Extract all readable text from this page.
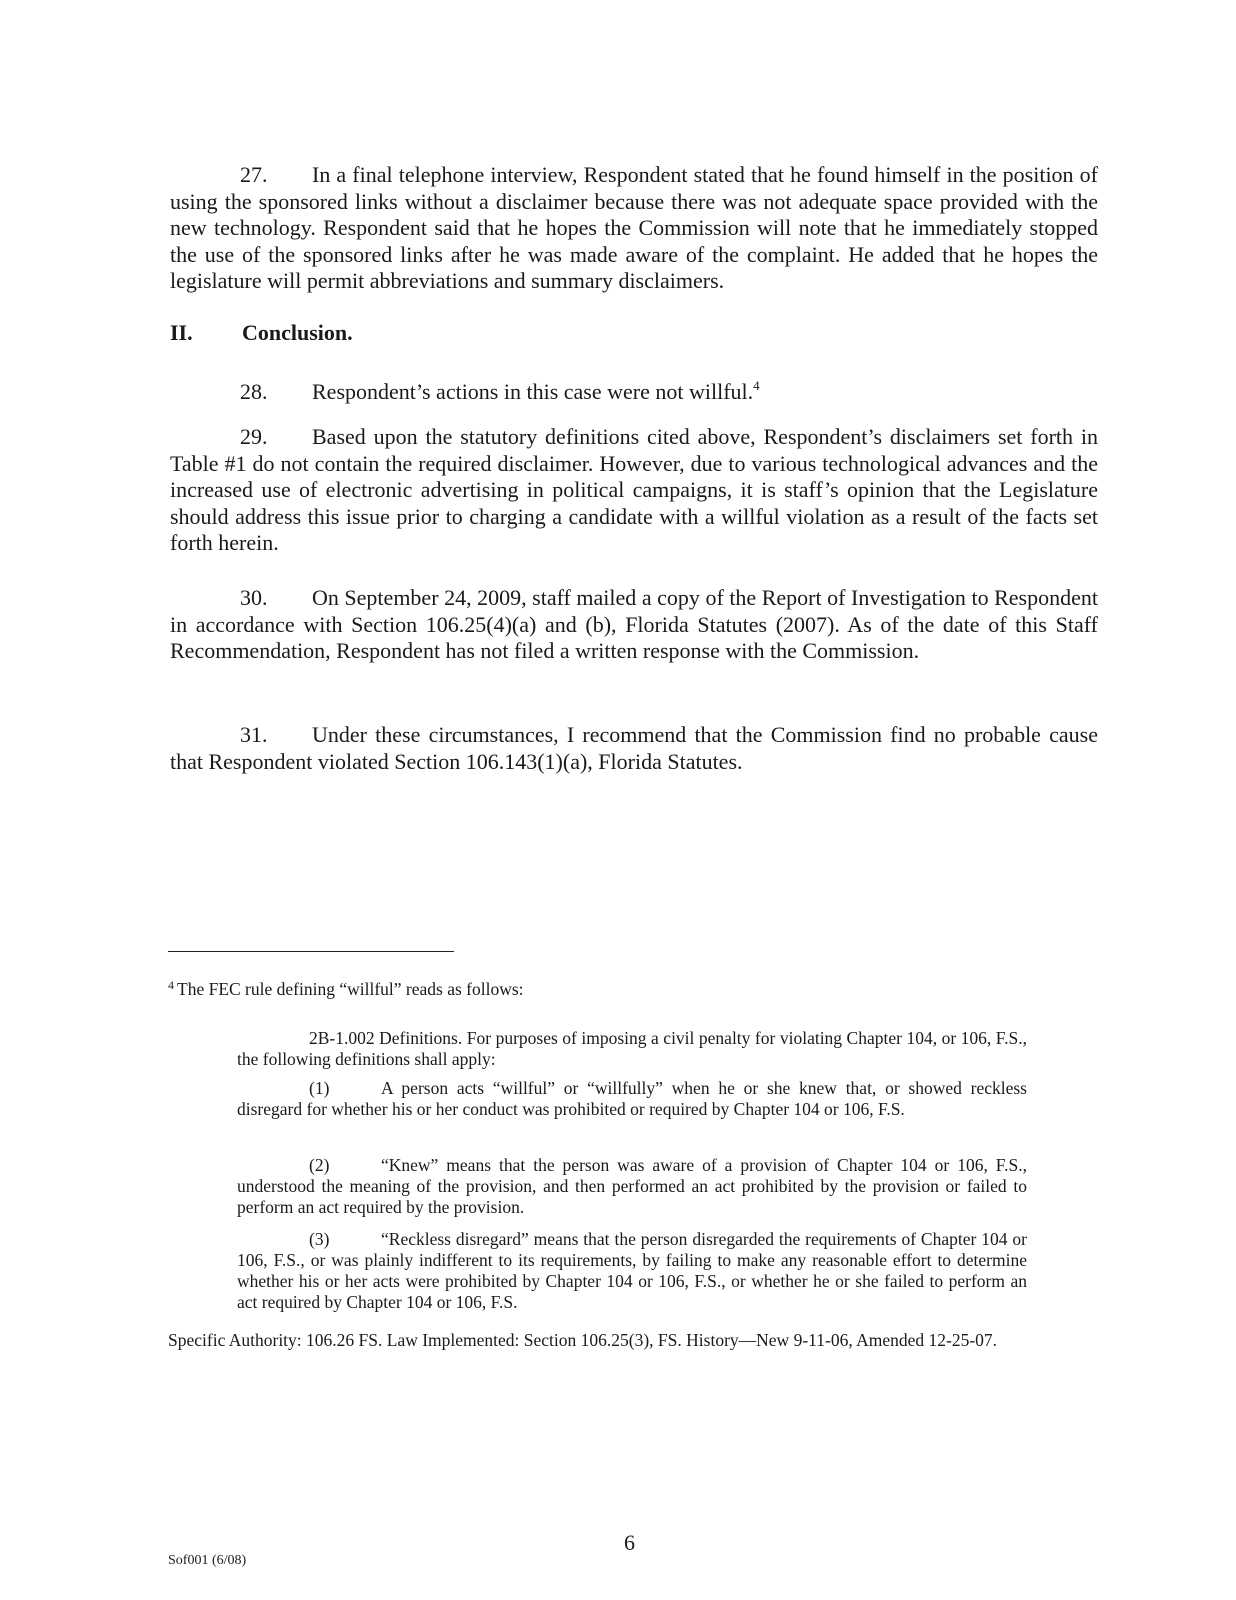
27. In a final telephone interview, Respondent stated that he found himself in the position of using the sponsored links without a disclaimer because there was not adequate space provided with the new technology. Respondent said that he hopes the Commission will note that he immediately stopped the use of the sponsored links after he was made aware of the complaint. He added that he hopes the legislature will permit abbreviations and summary disclaimers.
II. Conclusion.
28. Respondent’s actions in this case were not willful.$^4$
29. Based upon the statutory definitions cited above, Respondent’s disclaimers set forth in Table #1 do not contain the required disclaimer. However, due to various technological advances and the increased use of electronic advertising in political campaigns, it is staff’s opinion that the Legislature should address this issue prior to charging a candidate with a willful violation as a result of the facts set forth herein.
30. On September 24, 2009, staff mailed a copy of the Report of Investigation to Respondent in accordance with Section 106.25(4)(a) and (b), Florida Statutes (2007). As of the date of this Staff Recommendation, Respondent has not filed a written response with the Commission.
31. Under these circumstances, I recommend that the Commission find no probable cause that Respondent violated Section 106.143(1)(a), Florida Statutes.
$^4$ The FEC rule defining “willful” reads as follows:
2B-1.002 Definitions. For purposes of imposing a civil penalty for violating Chapter 104, or 106, F.S., the following definitions shall apply:
(1)	A person acts “willful” or “willfully” when he or she knew that, or showed reckless disregard for whether his or her conduct was prohibited or required by Chapter 104 or 106, F.S.
(2)	“Knew” means that the person was aware of a provision of Chapter 104 or 106, F.S., understood the meaning of the provision, and then performed an act prohibited by the provision or failed to perform an act required by the provision.
(3)	“Reckless disregard” means that the person disregarded the requirements of Chapter 104 or 106, F.S., or was plainly indifferent to its requirements, by failing to make any reasonable effort to determine whether his or her acts were prohibited by Chapter 104 or 106, F.S., or whether he or she failed to perform an act required by Chapter 104 or 106, F.S.
Specific Authority: 106.26 FS. Law Implemented: Section 106.25(3), FS. History—New 9-11-06, Amended 12-25-07.
Sof001 (6/08)
6
